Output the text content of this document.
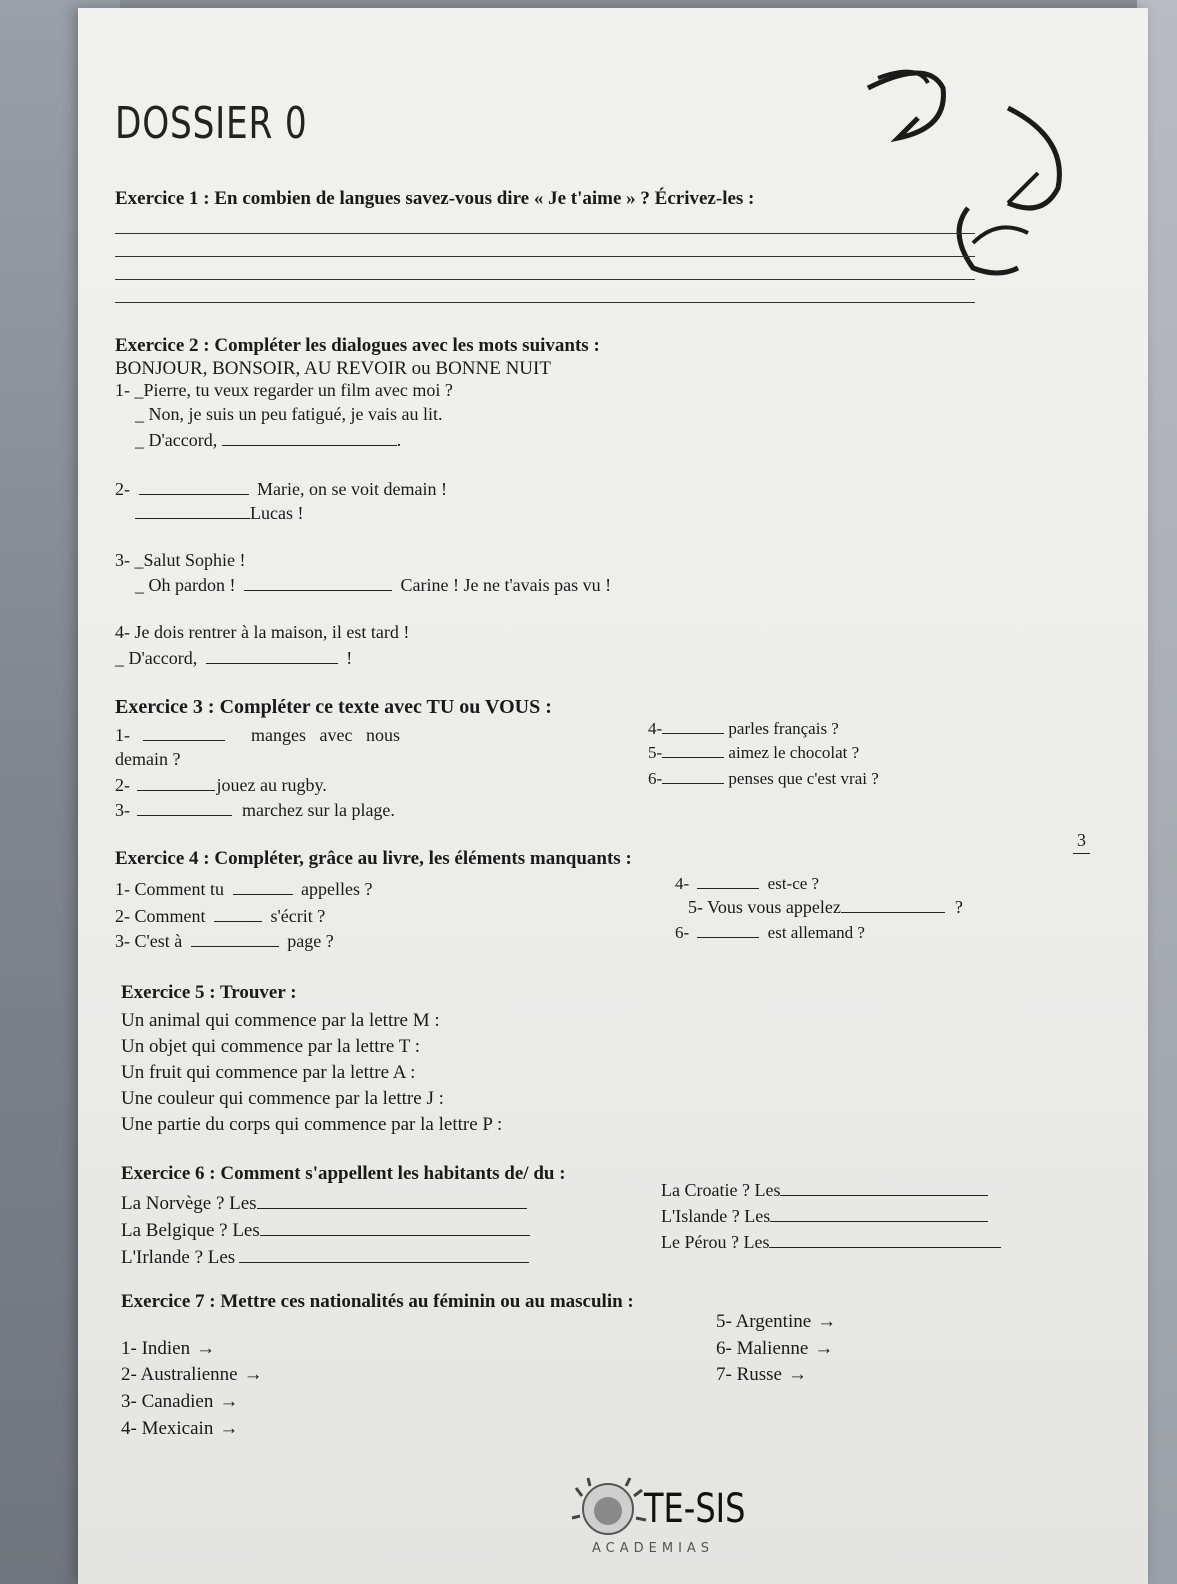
DOSSIER 0
Exercice 1 : En combien de langues savez-vous dire « Je t'aime » ? Écrivez-les :
Exercice 2 : Compléter les dialogues avec les mots suivants :
BONJOUR, BONSOIR, AU REVOIR ou BONNE NUIT
1- _Pierre, tu veux regarder un film avec moi ?
_ Non, je suis un peu fatigué, je vais au lit.
_ D'accord,	.
2-	Marie, on se voit demain !
Lucas !
3- _Salut Sophie !
_ Oh pardon !	Carine ! Je ne t'avais pas vu !
4- Je dois rentrer à la maison, il est tard !
_ D'accord,	!
Exercice 3 : Compléter ce texte avec TU ou VOUS :
1-	manges   avec   nous
demain ?
2-	jouez au rugby.
3-	marchez sur la plage.
4-	parles français ?
5-	aimez le chocolat ?
6-	penses que c'est vrai ?
3
Exercice 4 : Compléter, grâce au livre, les éléments manquants :
1- Comment tu	appelles ?
2- Comment	s'écrit ?
3- C'est à	page ?
4-	est-ce ?
5- Vous vous appelez	?
6-	est allemand ?
Exercice 5 : Trouver :
Un animal qui commence par la lettre M :
Un objet qui commence par la lettre T :
Un fruit qui commence par la lettre A :
Une couleur qui commence par la lettre J :
Une partie du corps qui commence par la lettre P :
Exercice 6 : Comment s'appellent les habitants de/ du :
La Norvège ? Les
La Belgique ? Les
L'Irlande ? Les
La Croatie ? Les
L'Islande ? Les
Le Pérou ? Les
Exercice 7 : Mettre ces nationalités au féminin ou au masculin :
1- Indien →
2- Australienne →
3- Canadien →
4- Mexicain →
5- Argentine →
6- Malienne →
7- Russe →
TE-SIS
ACADEMIAS
